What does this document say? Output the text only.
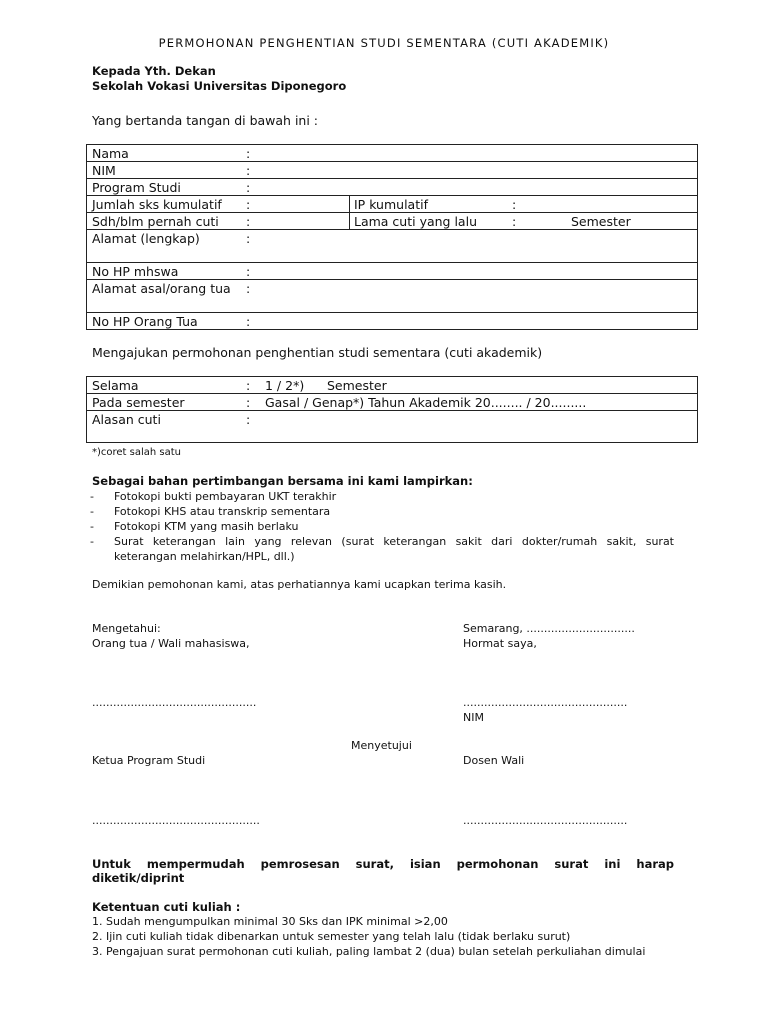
PERMOHONAN PENGHENTIAN STUDI SEMENTARA (CUTI AKADEMIK)
Kepada Yth. Dekan
Sekolah Vokasi Universitas Diponegoro
Yang bertanda tangan di bawah ini :
Nama	:
NIM	:
Program Studi	:
Jumlah sks kumulatif :	IP kumulatif	:
Sdh/blm pernah cuti :	Lama cuti yang lalu	:	Semester
Alamat (lengkap)	:
No HP mhswa	:
Alamat asal/orang tua :
No HP Orang Tua	:
Mengajukan permohonan penghentian studi sementara (cuti akademik)
Selama	: 1 / 2*) Semester
Pada semester	: Gasal / Genap*) Tahun Akademik 20........ / 20.........
Alasan cuti	:
*)coret salah satu
Sebagai bahan pertimbangan bersama ini kami lampirkan:
- Fotokopi bukti pembayaran UKT terakhir
- Fotokopi KHS atau transkrip sementara
- Fotokopi KTM yang masih berlaku
- Surat keterangan lain yang relevan (surat keterangan sakit dari dokter/rumah sakit, surat keterangan melahirkan/HPL, dll.)
Demikian pemohonan kami, atas perhatiannya kami ucapkan terima kasih.
Mengetahui:
Orang tua / Wali mahasiswa,
Semarang, ...............................
Hormat saya,
...............................................	...............................................
NIM
Menyetujui
Ketua Program Studi	Dosen Wali
................................................	...............................................
Untuk mempermudah pemrosesan surat, isian permohonan surat ini harap diketik/diprint
Ketentuan cuti kuliah :
1. Sudah mengumpulkan minimal 30 Sks dan IPK minimal >2,00
2. Ijin cuti kuliah tidak dibenarkan untuk semester yang telah lalu (tidak berlaku surut)
3. Pengajuan surat permohonan cuti kuliah, paling lambat 2 (dua) bulan setelah perkuliahan dimulai
